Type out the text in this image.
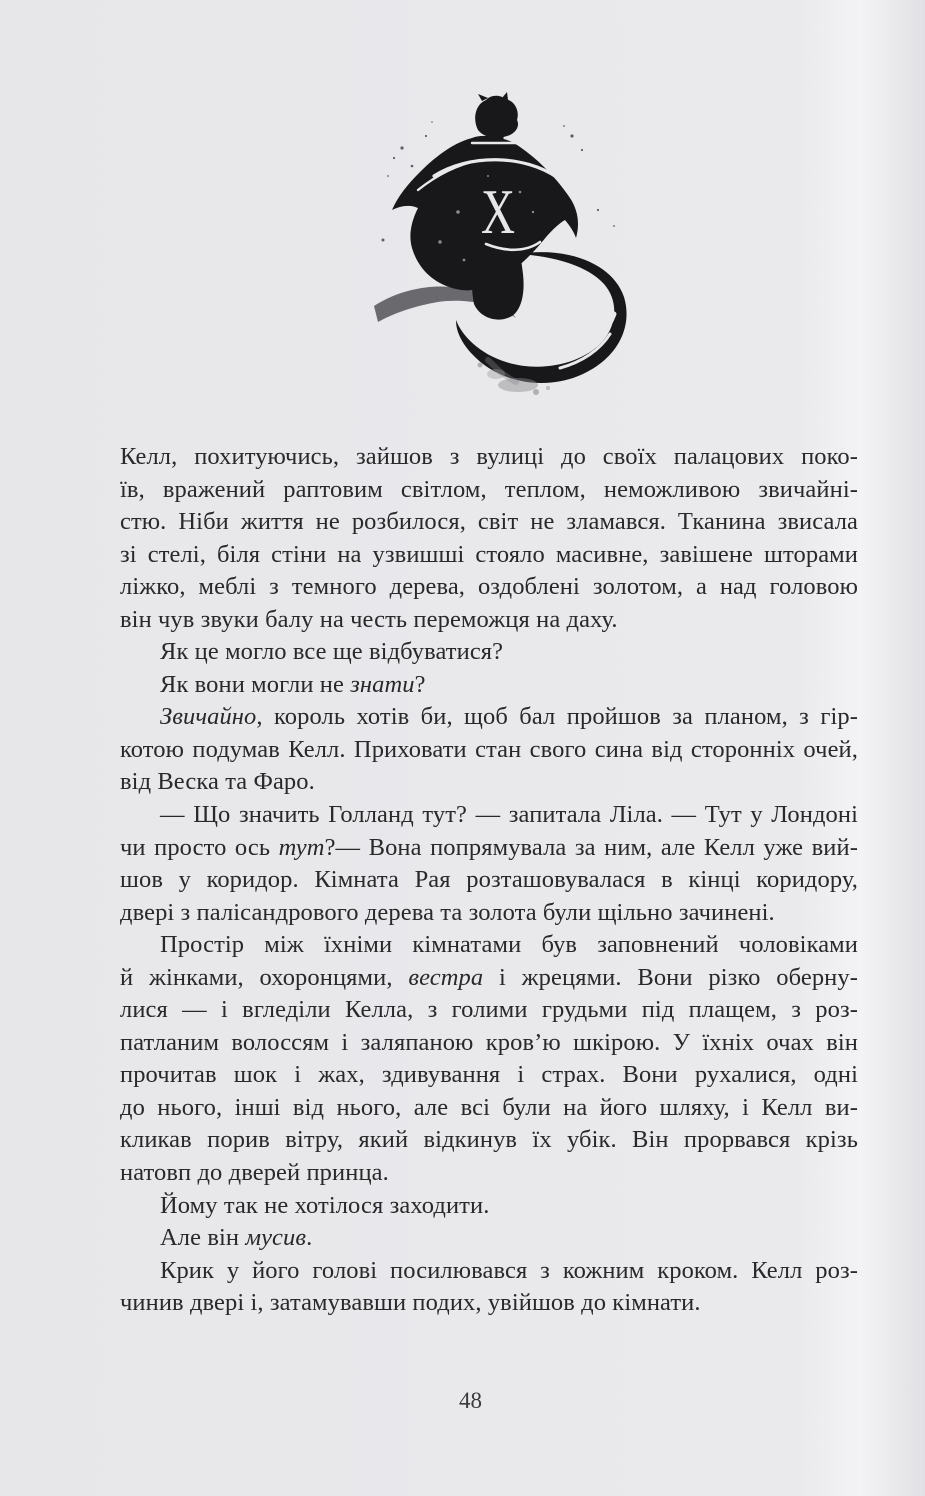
X
Келл, похитуючись, зайшов з вулиці до своїх палацових поко-
їв, вражений раптовим світлом, теплом, неможливою звичайні-
стю. Ніби життя не розбилося, світ не зламався. Тканина звисала
зі стелі, біля стіни на узвишші стояло масивне, завішене шторами
ліжко, меблі з темного дерева, оздоблені золотом, а над головою
він чув звуки балу на честь переможця на даху.
Як це могло все ще відбуватися?
Як вони могли не знати?
Звичайно, король хотів би, щоб бал пройшов за планом, з гір-
котою подумав Келл. Приховати стан свого сина від сторонніх очей,
від Веска та Фаро.
— Що значить Голланд тут? — запитала Ліла. — Тут у Лондоні
чи просто ось тут?— Вона попрямувала за ним, але Келл уже вий-
шов у коридор. Кімната Рая розташовувалася в кінці коридору,
двері з палісандрового дерева та золота були щільно зачинені.
Простір між їхніми кімнатами був заповнений чоловіками
й жінками, охоронцями, вестра і жрецями. Вони різко оберну-
лися — і вгледіли Келла, з голими грудьми під плащем, з роз-
патланим волоссям і заляпаною кров’ю шкірою. У їхніх очах він
прочитав шок і жах, здивування і страх. Вони рухалися, одні
до нього, інші від нього, але всі були на його шляху, і Келл ви-
кликав порив вітру, який відкинув їх убік. Він прорвався крізь
натовп до дверей принца.
Йому так не хотілося заходити.
Але він мусив.
Крик у його голові посилювався з кожним кроком. Келл роз-
чинив двері і, затамувавши подих, увійшов до кімнати.
48
